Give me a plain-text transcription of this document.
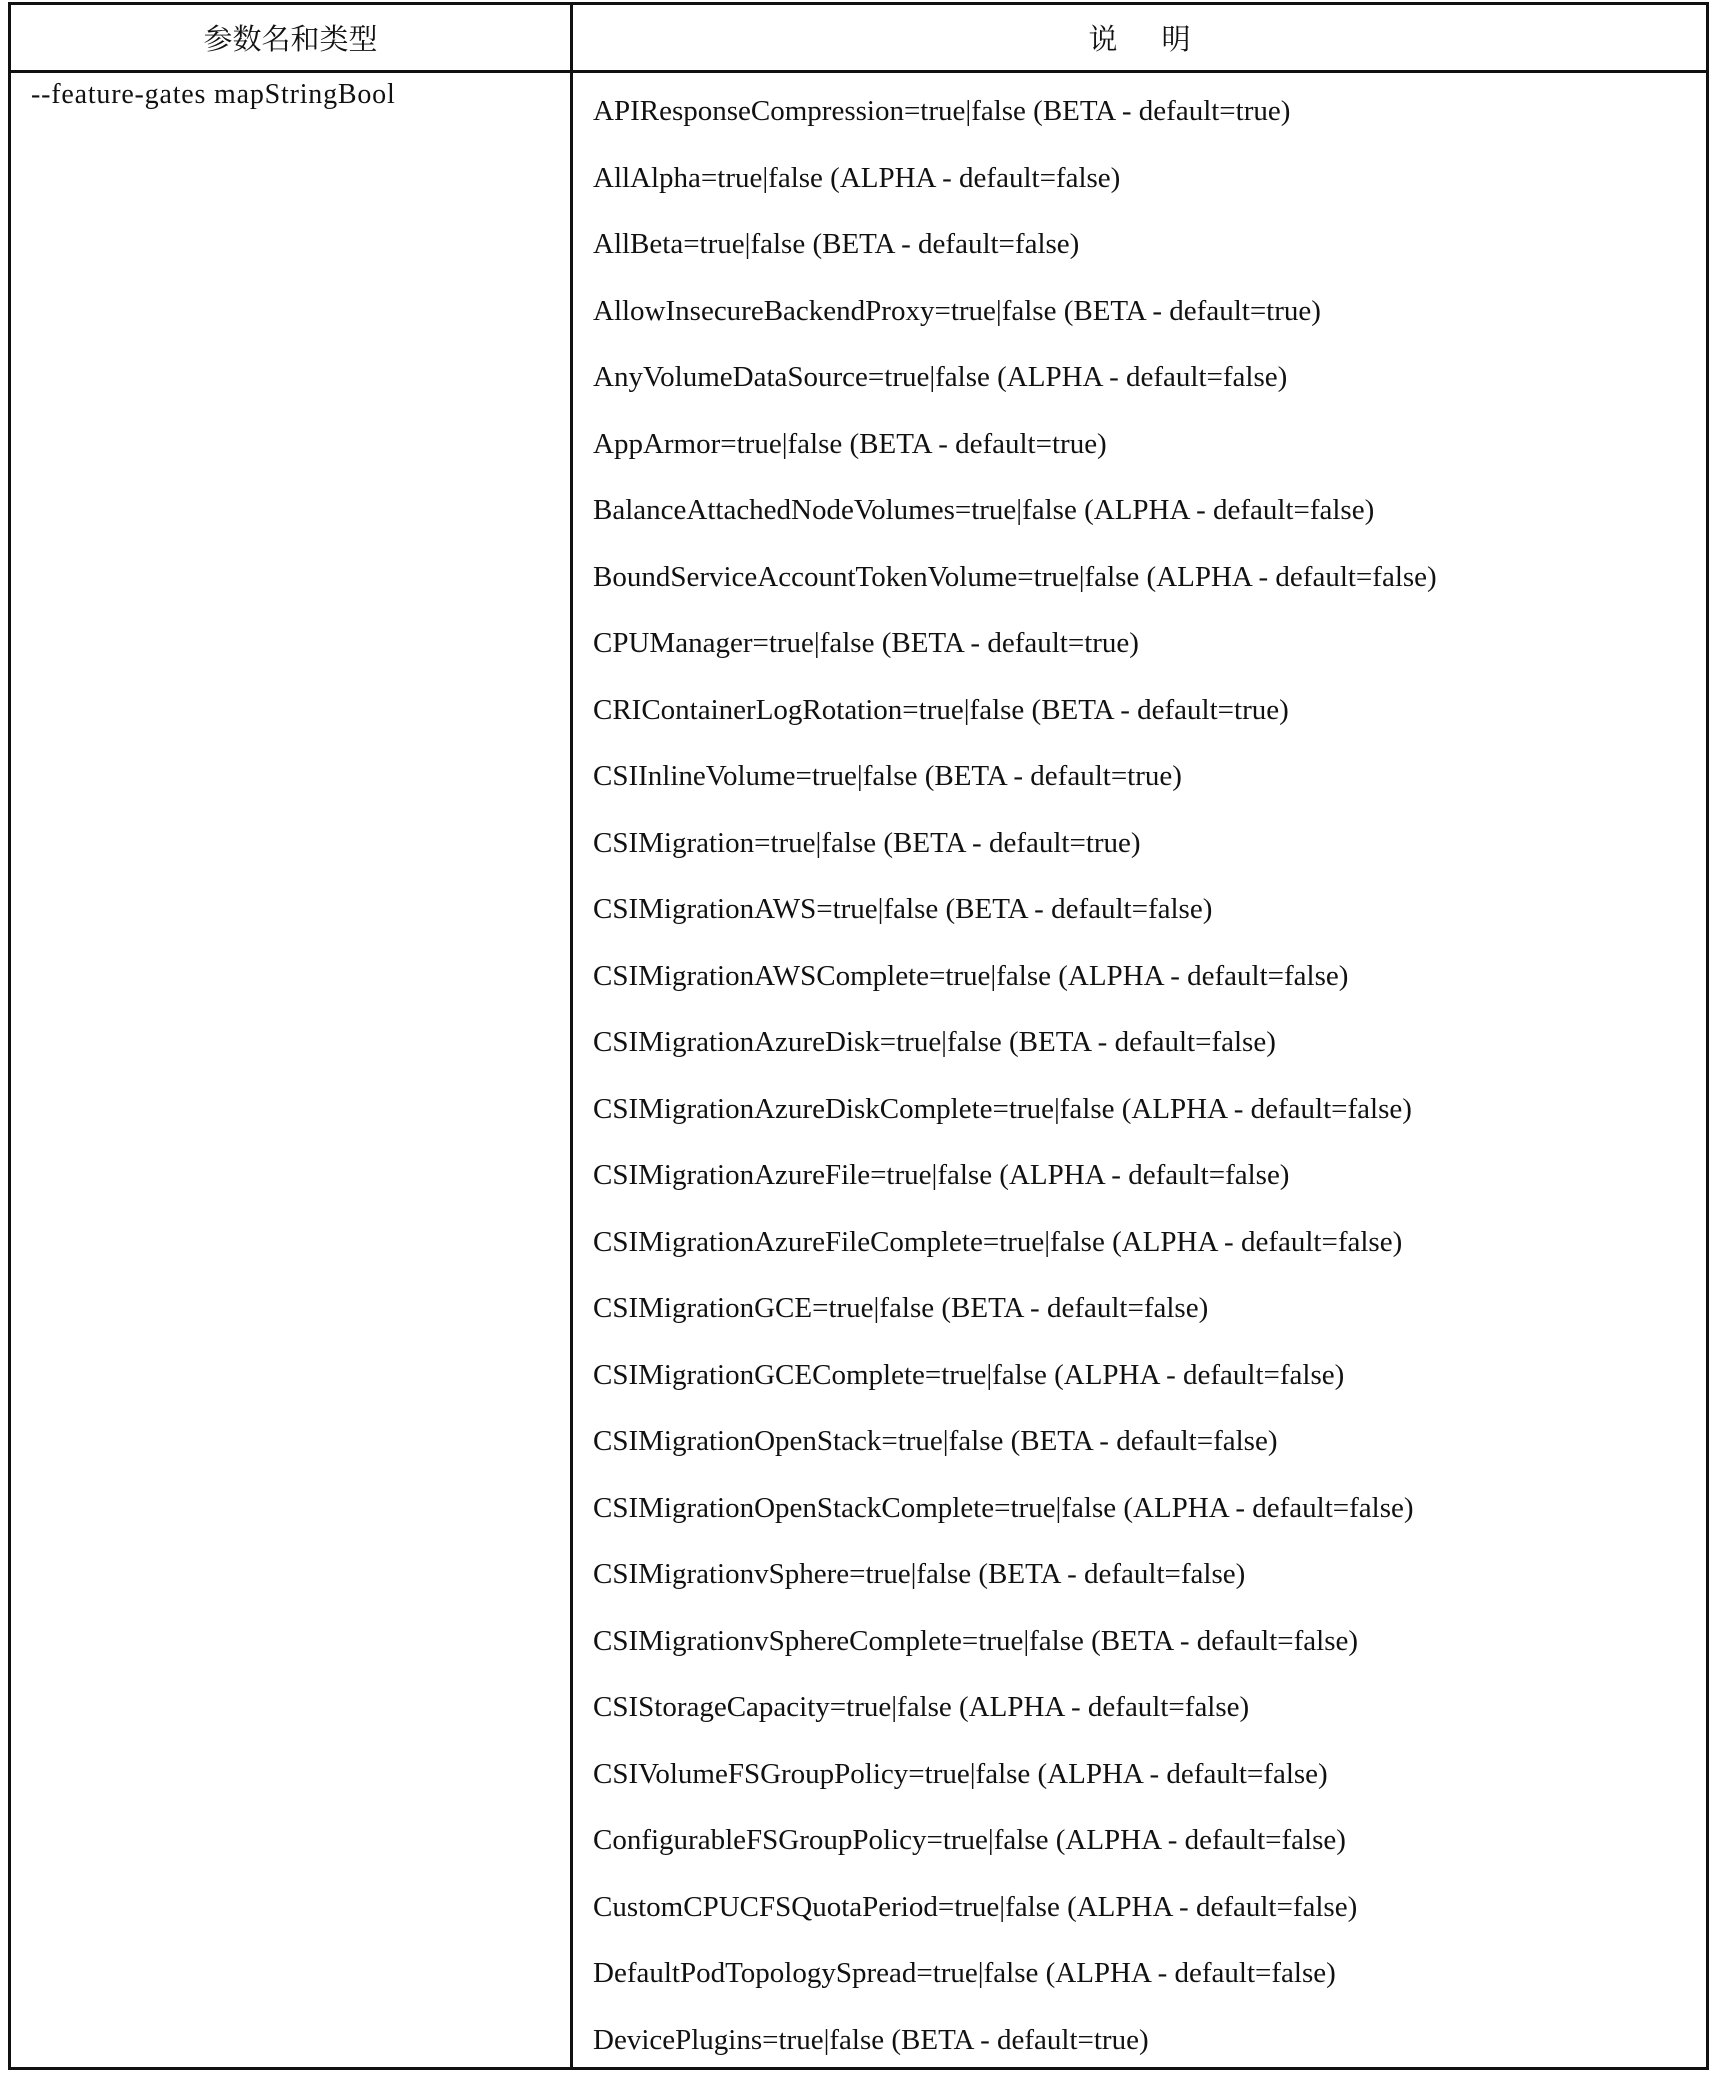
参数名和类型	说明
--feature-gates mapStringBool
APIResponseCompression=true|false (BETA - default=true)
AllAlpha=true|false (ALPHA - default=false)
AllBeta=true|false (BETA - default=false)
AllowInsecureBackendProxy=true|false (BETA - default=true)
AnyVolumeDataSource=true|false (ALPHA - default=false)
AppArmor=true|false (BETA - default=true)
BalanceAttachedNodeVolumes=true|false (ALPHA - default=false)
BoundServiceAccountTokenVolume=true|false (ALPHA - default=false)
CPUManager=true|false (BETA - default=true)
CRIContainerLogRotation=true|false (BETA - default=true)
CSIInlineVolume=true|false (BETA - default=true)
CSIMigration=true|false (BETA - default=true)
CSIMigrationAWS=true|false (BETA - default=false)
CSIMigrationAWSComplete=true|false (ALPHA - default=false)
CSIMigrationAzureDisk=true|false (BETA - default=false)
CSIMigrationAzureDiskComplete=true|false (ALPHA - default=false)
CSIMigrationAzureFile=true|false (ALPHA - default=false)
CSIMigrationAzureFileComplete=true|false (ALPHA - default=false)
CSIMigrationGCE=true|false (BETA - default=false)
CSIMigrationGCEComplete=true|false (ALPHA - default=false)
CSIMigrationOpenStack=true|false (BETA - default=false)
CSIMigrationOpenStackComplete=true|false (ALPHA - default=false)
CSIMigrationvSphere=true|false (BETA - default=false)
CSIMigrationvSphereComplete=true|false (BETA - default=false)
CSIStorageCapacity=true|false (ALPHA - default=false)
CSIVolumeFSGroupPolicy=true|false (ALPHA - default=false)
ConfigurableFSGroupPolicy=true|false (ALPHA - default=false)
CustomCPUCFSQuotaPeriod=true|false (ALPHA - default=false)
DefaultPodTopologySpread=true|false (ALPHA - default=false)
DevicePlugins=true|false (BETA - default=true)
